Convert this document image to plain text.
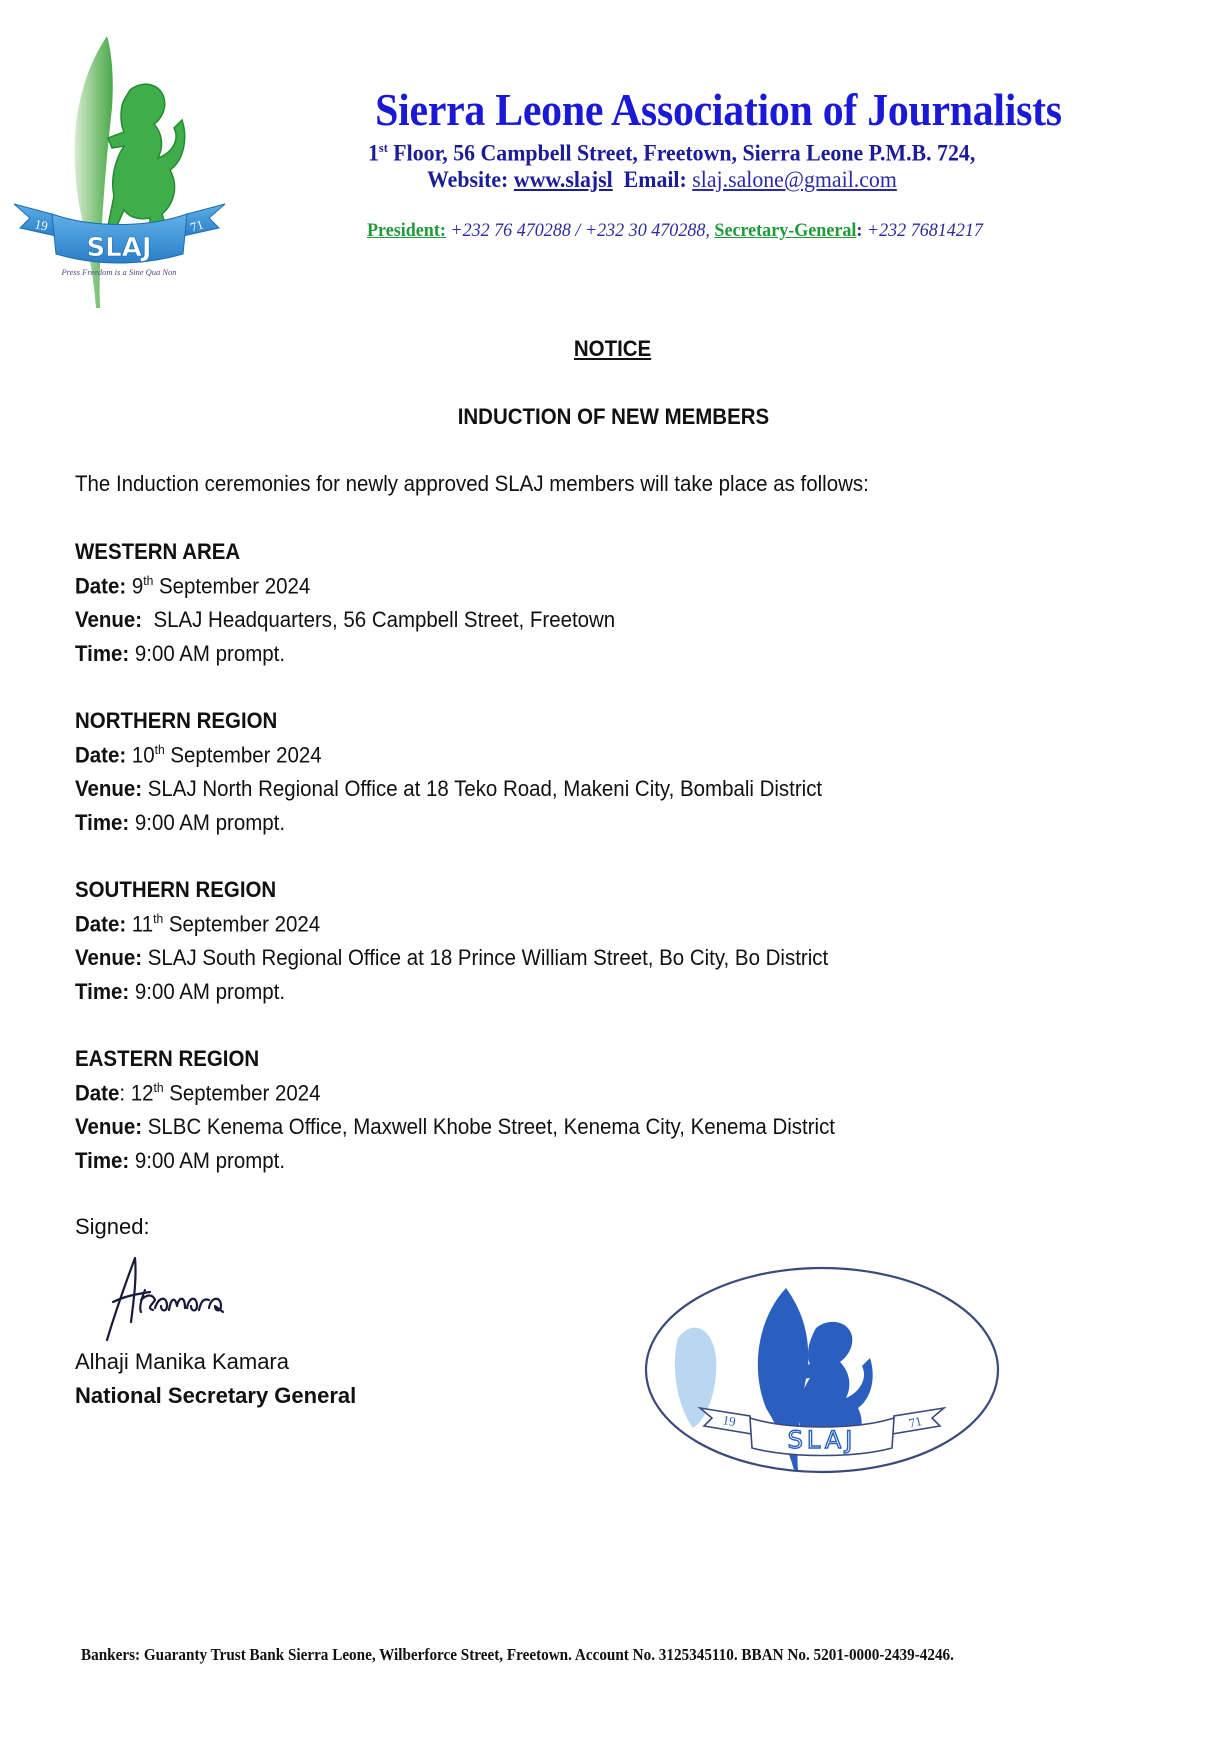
19	71
SLAJ
Press Freedom is a Sine Qua Non
Sierra Leone Association of Journalists
1st Floor, 56 Campbell Street, Freetown, Sierra Leone P.M.B. 724,
Website: www.slajsl Email: slaj.salone@gmail.com
President: +232 76 470288 / +232 30 470288, Secretary-General: +232 76814217
NOTICE
INDUCTION OF NEW MEMBERS
The Induction ceremonies for newly approved SLAJ members will take place as follows:
WESTERN AREA
Date: 9th September 2024
Venue:  SLAJ Headquarters, 56 Campbell Street, Freetown
Time: 9:00 AM prompt.
NORTHERN REGION
Date: 10th September 2024
Venue: SLAJ North Regional Office at 18 Teko Road, Makeni City, Bombali District
Time: 9:00 AM prompt.
SOUTHERN REGION
Date: 11th September 2024
Venue: SLAJ South Regional Office at 18 Prince William Street, Bo City, Bo District
Time: 9:00 AM prompt.
EASTERN REGION
Date: 12th September 2024
Venue: SLBC Kenema Office, Maxwell Khobe Street, Kenema City, Kenema District
Time: 9:00 AM prompt.
Signed:
Alhaji Manika Kamara
National Secretary General
19	71
SLAJ
Bankers: Guaranty Trust Bank Sierra Leone, Wilberforce Street, Freetown. Account No. 3125345110. BBAN No. 5201-0000-2439-4246.
